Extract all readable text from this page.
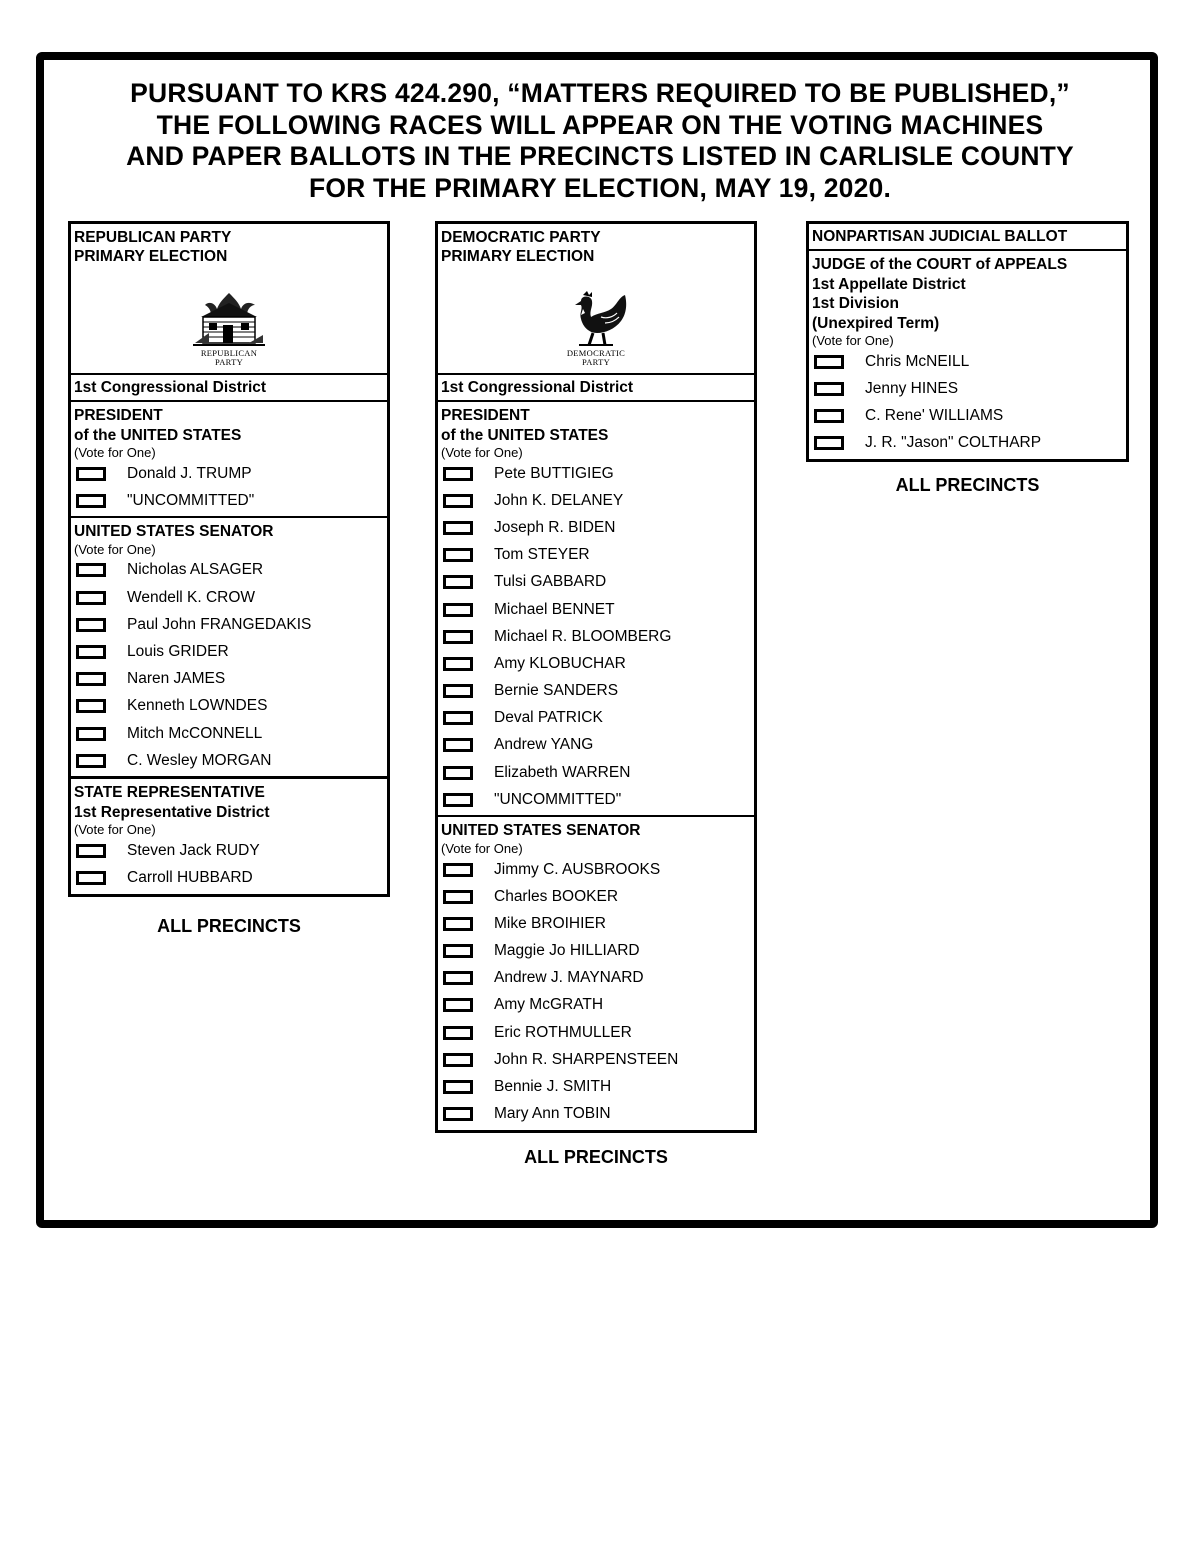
PURSUANT TO KRS 424.290, “MATTERS REQUIRED TO BE PUBLISHED,”
THE FOLLOWING RACES WILL APPEAR ON THE VOTING MACHINES
AND PAPER BALLOTS IN THE PRECINCTS LISTED IN CARLISLE COUNTY
FOR THE PRIMARY ELECTION, MAY 19, 2020.
REPUBLICAN PARTY
PRIMARY ELECTION
REPUBLICAN
PARTY
1st Congressional District
PRESIDENT
of the UNITED STATES
(Vote for One)
Donald J. TRUMP
"UNCOMMITTED"
UNITED STATES SENATOR
(Vote for One)
Nicholas ALSAGER
Wendell K. CROW
Paul John FRANGEDAKIS
Louis GRIDER
Naren JAMES
Kenneth LOWNDES
Mitch McCONNELL
C. Wesley MORGAN
STATE REPRESENTATIVE
1st Representative District
(Vote for One)
Steven Jack RUDY
Carroll HUBBARD
ALL PRECINCTS
DEMOCRATIC PARTY
PRIMARY ELECTION
DEMOCRATIC
PARTY
1st Congressional District
PRESIDENT
of the UNITED STATES
(Vote for One)
Pete BUTTIGIEG
John K. DELANEY
Joseph R. BIDEN
Tom STEYER
Tulsi GABBARD
Michael BENNET
Michael R. BLOOMBERG
Amy KLOBUCHAR
Bernie SANDERS
Deval PATRICK
Andrew YANG
Elizabeth WARREN
"UNCOMMITTED"
UNITED STATES SENATOR
(Vote for One)
Jimmy C. AUSBROOKS
Charles BOOKER
Mike BROIHIER
Maggie Jo HILLIARD
Andrew J. MAYNARD
Amy McGRATH
Eric ROTHMULLER
John R. SHARPENSTEEN
Bennie J. SMITH
Mary Ann TOBIN
ALL PRECINCTS
NONPARTISAN JUDICIAL BALLOT
JUDGE of the COURT of APPEALS
1st Appellate District
1st Division
(Unexpired Term)
(Vote for One)
Chris McNEILL
Jenny HINES
C. Rene' WILLIAMS
J. R. "Jason" COLTHARP
ALL PRECINCTS
